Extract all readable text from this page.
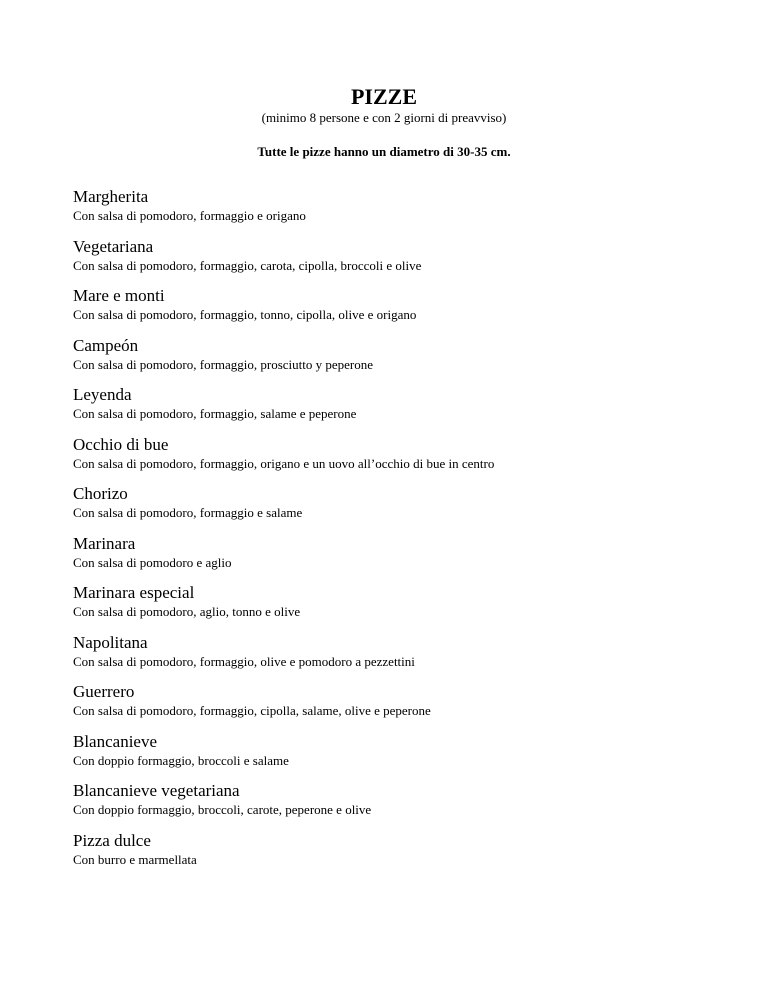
PIZZE

(minimo 8 persone e con 2 giorni di preavviso)

Tutte le pizze hanno un diametro di 30-35 cm.

Margherita

Con salsa di pomodoro, formaggio e origano

Vegetariana

Con salsa di pomodoro, formaggio, carota, cipolla, broccoli e olive

Mare e monti

Con salsa di pomodoro, formaggio, tonno, cipolla, olive e origano

Campeón

Con salsa di pomodoro, formaggio, prosciutto y peperone

Leyenda

Con salsa di pomodoro, formaggio, salame e peperone

Occhio di bue

Con salsa di pomodoro, formaggio, origano e un uovo all’occhio di bue in centro

Chorizo

Con salsa di pomodoro, formaggio e salame

Marinara

Con salsa di pomodoro e aglio

Marinara especial

Con salsa di pomodoro, aglio, tonno e olive

Napolitana

Con salsa di pomodoro, formaggio, olive e pomodoro a pezzettini

Guerrero

Con salsa di pomodoro, formaggio, cipolla, salame, olive e peperone

Blancanieve

Con doppio formaggio, broccoli e salame

Blancanieve vegetariana

Con doppio formaggio, broccoli, carote, peperone e olive

Pizza dulce

Con burro e marmellata
